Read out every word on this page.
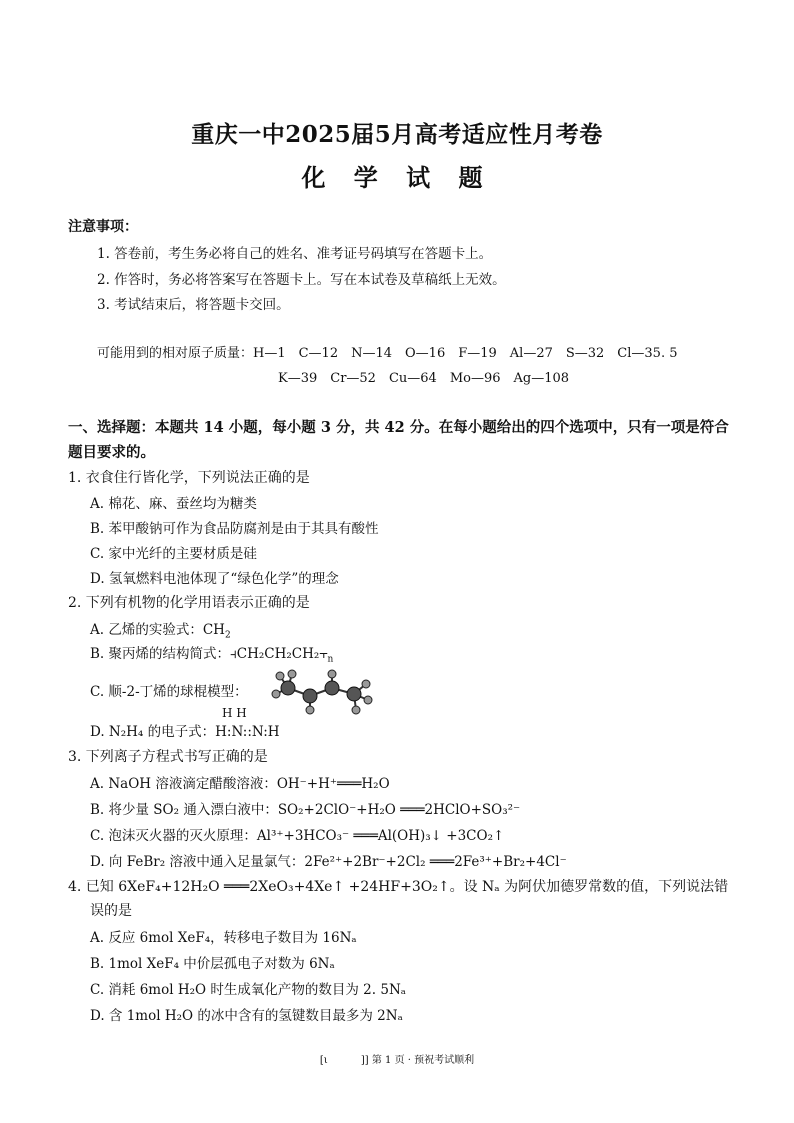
重庆一中2025届5月高考适应性月考卷
化 学 试 题
注意事项：
1. 答卷前，考生务必将自己的姓名、准考证号码填写在答题卡上。
2. 作答时，务必将答案写在答题卡上。写在本试卷及草稿纸上无效。
3. 考试结束后，将答题卡交回。
可能用到的相对原子质量：H—1　C—12　N—14　O—16　F—19　Al—27　S—32　Cl—35. 5
K—39　Cr—52　Cu—64　Mo—96　Ag—108
一、选择题：本题共 14 小题，每小题 3 分，共 42 分。在每小题给出的四个选项中，只有一项是符合
题目要求的。
1. 衣食住行皆化学，下列说法正确的是
A. 棉花、麻、蚕丝均为糖类
B. 苯甲酸钠可作为食品防腐剂是由于其具有酸性
C. 家中光纤的主要材质是硅
D. 氢氧燃料电池体现了“绿色化学”的理念
2. 下列有机物的化学用语表示正确的是
A. 乙烯的实验式：$CH_2$
B. 聚丙烯的结构简式：$⫞CH_2CH_2CH_2⫟_n$
C. 顺-2-丁烯的球棍模型：
H H
D. N₂H₄ 的电子式：H:N::N:H
3. 下列离子方程式书写正确的是
A. NaOH 溶液滴定醋酸溶液：OH⁻+H⁺═══H₂O
B. 将少量 SO₂ 通入漂白液中：SO₂+2ClO⁻+H₂O ═══2HClO+SO₃²⁻
C. 泡沫灭火器的灭火原理：Al³⁺+3HCO₃⁻ ═══Al(OH)₃↓ +3CO₂↑
D. 向 FeBr₂ 溶液中通入足量氯气：2Fe²⁺+2Br⁻+2Cl₂ ═══2Fe³⁺+Br₂+4Cl⁻
4. 已知 6XeF₄+12H₂O ═══2XeO₃+4Xe↑ +24HF+3O₂↑。设 Nₐ 为阿伏加德罗常数的值，下列说法错
误的是
A. 反应 6mol XeF₄，转移电子数目为 16Nₐ
B. 1mol XeF₄ 中价层孤电子对数为 6Nₐ
C. 消耗 6mol H₂O 时生成氧化产物的数目为 2. 5Nₐ
D. 含 1mol H₂O 的冰中含有的氢键数目最多为 2Nₐ
[ι　　　 ]] 第 1 页 · 预祝考试顺利
